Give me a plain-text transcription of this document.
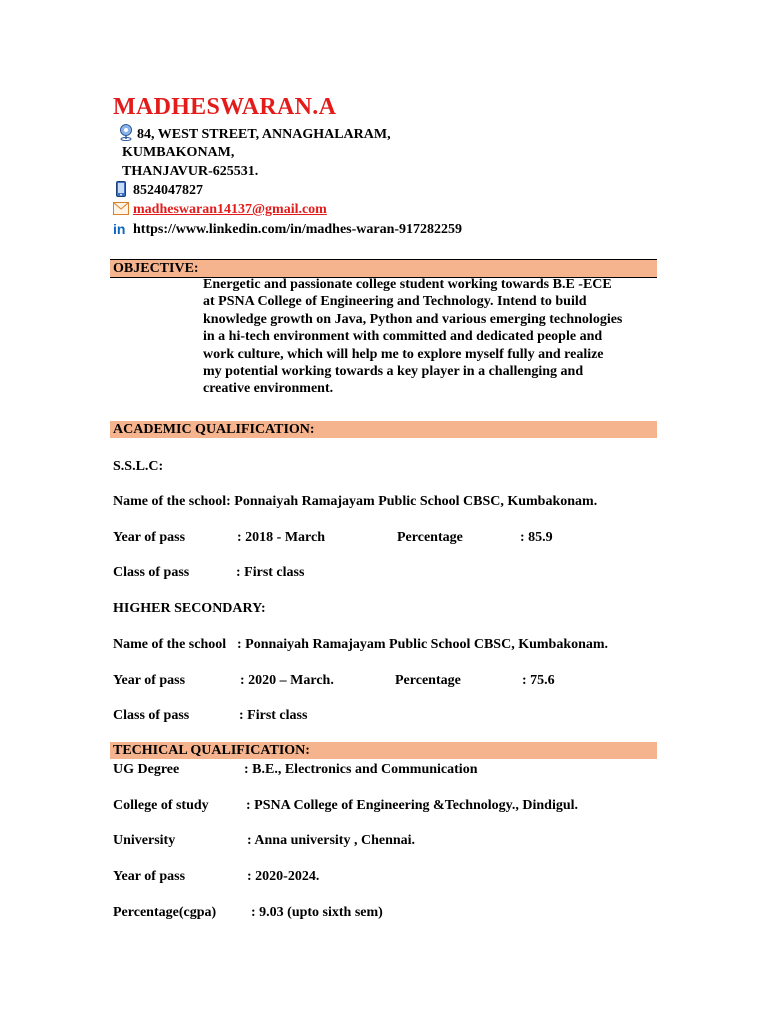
MADHESWARAN.A
84, WEST STREET, ANNAGHALARAM,
KUMBAKONAM,
THANJAVUR-625531.
8524047827
madheswaran14137@gmail.com
in https://www.linkedin.com/in/madhes-waran-917282259
OBJECTIVE:
Energetic and passionate college student working towards B.E -ECE
at PSNA College of Engineering and Technology. Intend to build
knowledge growth on Java, Python and various emerging technologies
in a hi-tech environment with committed and dedicated people and
work culture, which will help me to explore myself fully and realize
my potential working towards a key player in a challenging and
creative environment.
ACADEMIC QUALIFICATION:
S.S.L.C:
Name of the school: Ponnaiyah Ramajayam Public School CBSC, Kumbakonam.
Year of pass	: 2018 - March	Percentage	: 85.9
Class of pass	: First class
HIGHER SECONDARY:
Name of the school : Ponnaiyah Ramajayam Public School CBSC, Kumbakonam.
Year of pass	: 2020 – March.	Percentage	: 75.6
Class of pass	: First class
TECHICAL QUALIFICATION:
UG Degree	: B.E., Electronics and Communication
College of study	: PSNA College of Engineering &Technology., Dindigul.
University	: Anna university , Chennai.
Year of pass	: 2020-2024.
Percentage(cgpa) : 9.03 (upto sixth sem)
